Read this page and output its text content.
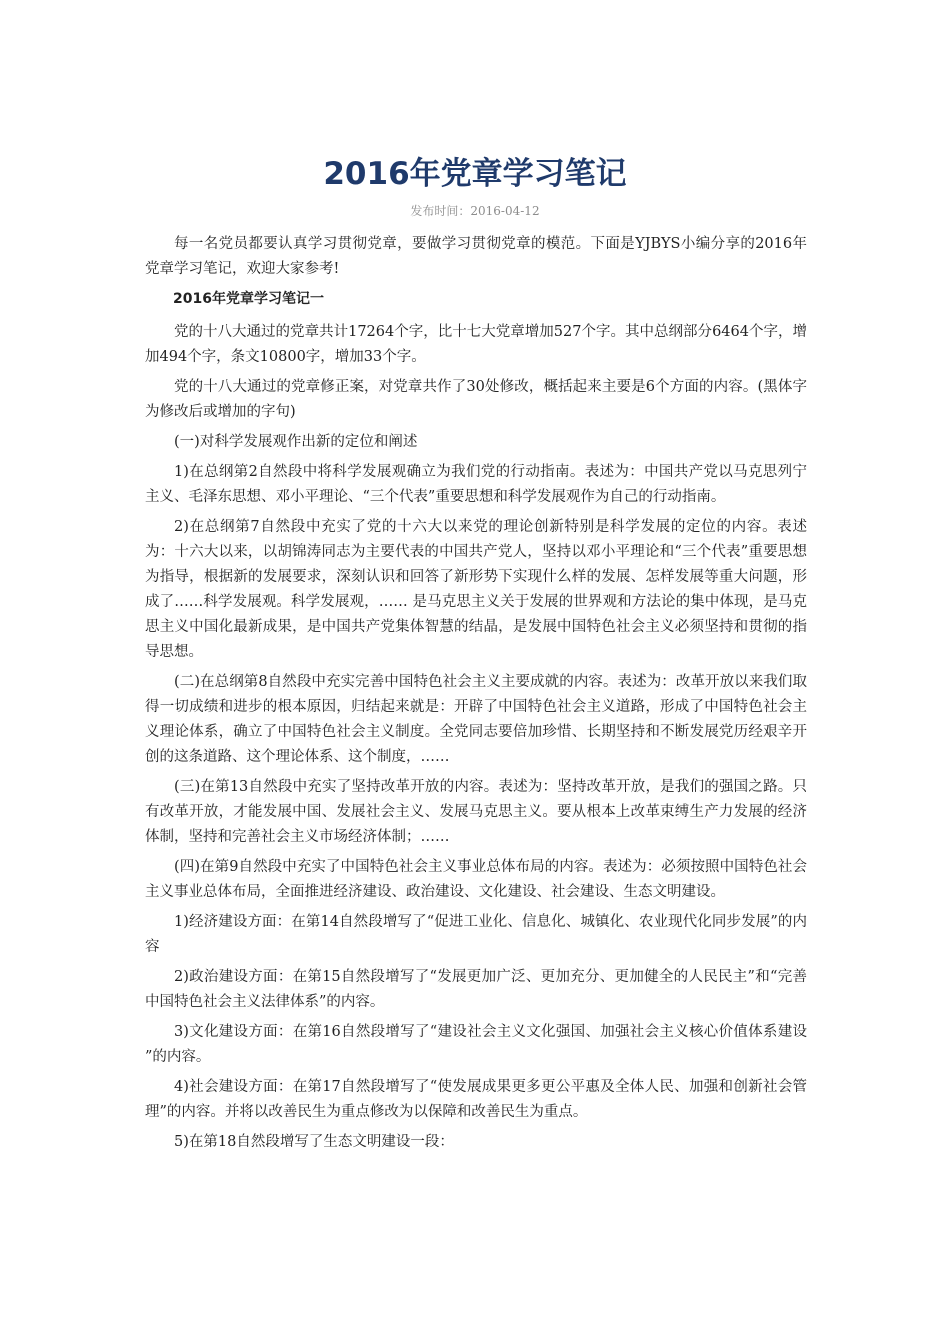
2016年党章学习笔记
发布时间：2016-04-12

每一名党员都要认真学习贯彻党章，要做学习贯彻党章的模范。下面是YJBYS小编分享的2016年党章学习笔记，欢迎大家参考!

2016年党章学习笔记一

党的十八大通过的党章共计17264个字，比十七大党章增加527个字。其中总纲部分6464个字，增加494个字，条文10800字，增加33个字。

党的十八大通过的党章修正案，对党章共作了30处修改，概括起来主要是6个方面的内容。(黑体字为修改后或增加的字句)

(一)对科学发展观作出新的定位和阐述

1)在总纲第2自然段中将科学发展观确立为我们党的行动指南。表述为：中国共产党以马克思列宁主义、毛泽东思想、邓小平理论、“三个代表”重要思想和科学发展观作为自己的行动指南。

2)在总纲第7自然段中充实了党的十六大以来党的理论创新特别是科学发展的定位的内容。表述为：十六大以来，以胡锦涛同志为主要代表的中国共产党人，坚持以邓小平理论和“三个代表”重要思想为指导，根据新的发展要求，深刻认识和回答了新形势下实现什么样的发展、怎样发展等重大问题，形成了……科学发展观。科学发展观，…… 是马克思主义关于发展的世界观和方法论的集中体现，是马克思主义中国化最新成果，是中国共产党集体智慧的结晶，是发展中国特色社会主义必须坚持和贯彻的指导思想。

(二)在总纲第8自然段中充实完善中国特色社会主义主要成就的内容。表述为：改革开放以来我们取得一切成绩和进步的根本原因，归结起来就是：开辟了中国特色社会主义道路，形成了中国特色社会主义理论体系，确立了中国特色社会主义制度。全党同志要倍加珍惜、长期坚持和不断发展党历经艰辛开创的这条道路、这个理论体系、这个制度，……

(三)在第13自然段中充实了坚持改革开放的内容。表述为：坚持改革开放，是我们的强国之路。只有改革开放，才能发展中国、发展社会主义、发展马克思主义。要从根本上改革束缚生产力发展的经济体制，坚持和完善社会主义市场经济体制；……

(四)在第9自然段中充实了中国特色社会主义事业总体布局的内容。表述为：必须按照中国特色社会主义事业总体布局，全面推进经济建设、政治建设、文化建设、社会建设、生态文明建设。

1)经济建设方面：在第14自然段增写了“促进工业化、信息化、城镇化、农业现代化同步发展”的内容

2)政治建设方面：在第15自然段增写了“发展更加广泛、更加充分、更加健全的人民民主”和“完善中国特色社会主义法律体系”的内容。

3)文化建设方面：在第16自然段增写了“建设社会主义文化强国、加强社会主义核心价值体系建设 ”的内容。

4)社会建设方面：在第17自然段增写了“使发展成果更多更公平惠及全体人民、加强和创新社会管理”的内容。并将以改善民生为重点修改为以保障和改善民生为重点。

5)在第18自然段增写了生态文明建设一段：
